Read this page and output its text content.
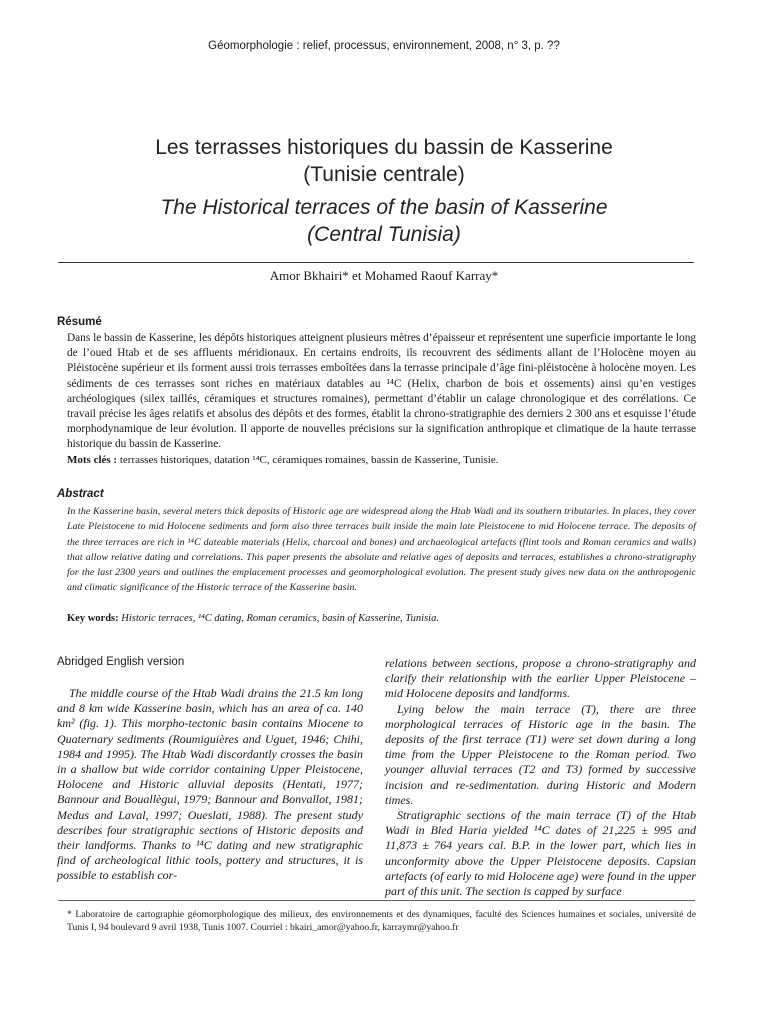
Géomorphologie : relief, processus, environnement, 2008, n° 3, p. ??
Les terrasses historiques du bassin de Kasserine
(Tunisie centrale)
The Historical terraces of the basin of Kasserine
(Central Tunisia)
Amor Bkhairi* et Mohamed Raouf Karray*
Résumé
Dans le bassin de Kasserine, les dépôts historiques atteignent plusieurs mètres d’épaisseur et représentent une superficie importante le long de l’oued Htab et de ses affluents méridionaux. En certains endroits, ils recouvrent des sédiments allant de l’Holocène moyen au Pléistocène supérieur et ils forment aussi trois terrasses emboîtées dans la terrasse principale d’âge fini-pléistocène à holocène moyen. Les sédiments de ces terrasses sont riches en matériaux datables au ¹⁴C (Helix, charbon de bois et ossements) ainsi qu’en vestiges archéologiques (silex taillés, céramiques et structures romaines), permettant d’établir un calage chronologique et des corrélations. Ce travail précise les âges relatifs et absolus des dépôts et des formes, établit la chrono-stratigraphie des derniers 2 300 ans et esquisse l’étude morphodynamique de leur évolution. Il apporte de nouvelles précisions sur la signification anthropique et climatique de la haute terrasse historique du bassin de Kasserine.
Mots clés : terrasses historiques, datation ¹⁴C, céramiques romaines, bassin de Kasserine, Tunisie.
Abstract
In the Kasserine basin, several meters thick deposits of Historic age are widespread along the Htab Wadi and its southern tributaries. In places, they cover Late Pleistocene to mid Holocene sediments and form also three terraces built inside the main late Pleistocene to mid Holocene terrace. The deposits of the three terraces are rich in ¹⁴C dateable materials (Helix, charcoal and bones) and archaeological artefacts (flint tools and Roman ceramics and walls) that allow relative dating and correlations. This paper presents the absolute and relative ages of deposits and terraces, establishes a chrono-stratigraphy for the last 2300 years and outlines the emplacement processes and geomorphological evolution. The present study gives new data on the anthropogenic and climatic significance of the Historic terrace of the Kasserine basin.
Key words: Historic terraces, ¹⁴C dating, Roman ceramics, basin of Kasserine, Tunisia.
Abridged English version
The middle course of the Htab Wadi drains the 21.5 km long and 8 km wide Kasserine basin, which has an area of ca. 140 km² (fig. 1). This morpho-tectonic basin contains Miocene to Quaternary sediments (Roumiguières and Uguet, 1946; Chihi, 1984 and 1995). The Htab Wadi discordantly crosses the basin in a shallow but wide corridor containing Upper Pleistocene, Holocene and Historic alluvial deposits (Hentati, 1977; Bannour and Bouallègui, 1979; Bannour and Bonvallot, 1981; Medus and Laval, 1997; Oueslati, 1988). The present study describes four stratigraphic sections of Historic deposits and their landforms. Thanks to ¹⁴C dating and new stratigraphic find of archeological lithic tools, pottery and structures, it is possible to establish cor-

relations between sections, propose a chrono-stratigraphy and clarify their relationship with the earlier Upper Pleistocene – mid Holocene deposits and landforms.

Lying below the main terrace (T), there are three morphological terraces of Historic age in the basin. The deposits of the first terrace (T1) were set down during a long time from the Upper Pleistocene to the Roman period. Two younger alluvial terraces (T2 and T3) formed by successive incision and re-sedimentation. during Historic and Modern times.

Stratigraphic sections of the main terrace (T) of the Htab Wadi in Bled Haria yielded ¹⁴C dates of 21,225 ± 995 and 11,873 ± 764 years cal. B.P. in the lower part, which lies in unconformity above the Upper Pleistocene deposits. Capsian artefacts (of early to mid Holocene age) were found in the upper part of this unit. The section is capped by surface

* Laboratoire de cartographie géomorphologique des milieux, des environnements et des dynamiques, faculté des Sciences humaines et sociales, université de Tunis I, 94 boulevard 9 avril 1938, Tunis 1007. Courriel : bkairi_amor@yahoo.fr, karraymr@yahoo.fr
